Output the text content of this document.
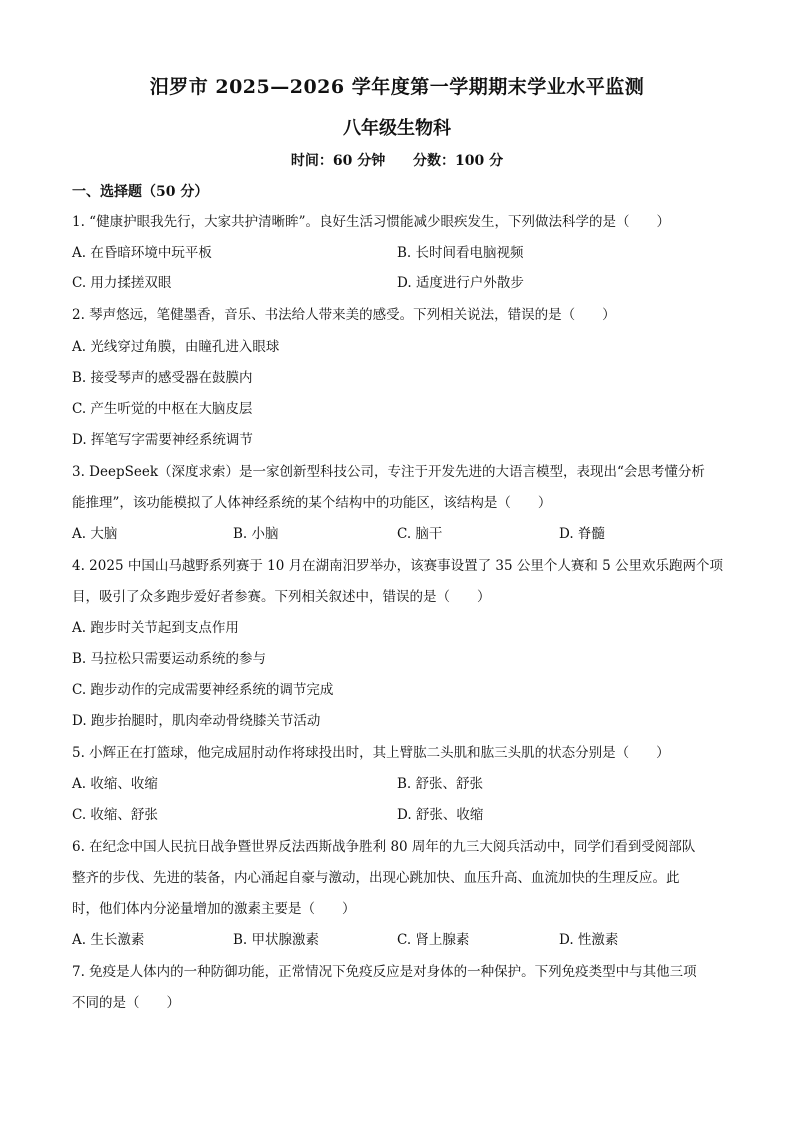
汨罗市 2025—2026 学年度第一学期期末学业水平监测
八年级生物科
时间：60 分钟 分数：100 分
一、选择题（50 分）
1. “健康护眼我先行，大家共护清晰眸”。良好生活习惯能减少眼疾发生，下列做法科学的是（　　）
A. 在昏暗环境中玩平板	B. 长时间看电脑视频
C. 用力揉搓双眼	D. 适度进行户外散步
2. 琴声悠远，笔健墨香，音乐、书法给人带来美的感受。下列相关说法，错误的是（　　）
A. 光线穿过角膜，由瞳孔进入眼球
B. 接受琴声的感受器在鼓膜内
C. 产生听觉的中枢在大脑皮层
D. 挥笔写字需要神经系统调节
3. DeepSeek（深度求索）是一家创新型科技公司，专注于开发先进的大语言模型，表现出“会思考懂分析
能推理”，该功能模拟了人体神经系统的某个结构中的功能区，该结构是（　　）
A. 大脑	B. 小脑	C. 脑干	D. 脊髓
4. 2025 中国山马越野系列赛于 10 月在湖南汨罗举办，该赛事设置了 35 公里个人赛和 5 公里欢乐跑两个项
目，吸引了众多跑步爱好者参赛。下列相关叙述中，错误的是（　　）
A. 跑步时关节起到支点作用
B. 马拉松只需要运动系统的参与
C. 跑步动作的完成需要神经系统的调节完成
D. 跑步抬腿时，肌肉牵动骨绕膝关节活动
5. 小辉正在打篮球，他完成屈肘动作将球投出时，其上臂肱二头肌和肱三头肌的状态分别是（　　）
A. 收缩、收缩	B. 舒张、舒张
C. 收缩、舒张	D. 舒张、收缩
6. 在纪念中国人民抗日战争暨世界反法西斯战争胜利 80 周年的九三大阅兵活动中，同学们看到受阅部队
整齐的步伐、先进的装备，内心涌起自豪与激动，出现心跳加快、血压升高、血流加快的生理反应。此
时，他们体内分泌量增加的激素主要是（　　）
A. 生长激素	B. 甲状腺激素	C. 肾上腺素	D. 性激素
7. 免疫是人体内的一种防御功能，正常情况下免疫反应是对身体的一种保护。下列免疫类型中与其他三项
不同的是（　　）
